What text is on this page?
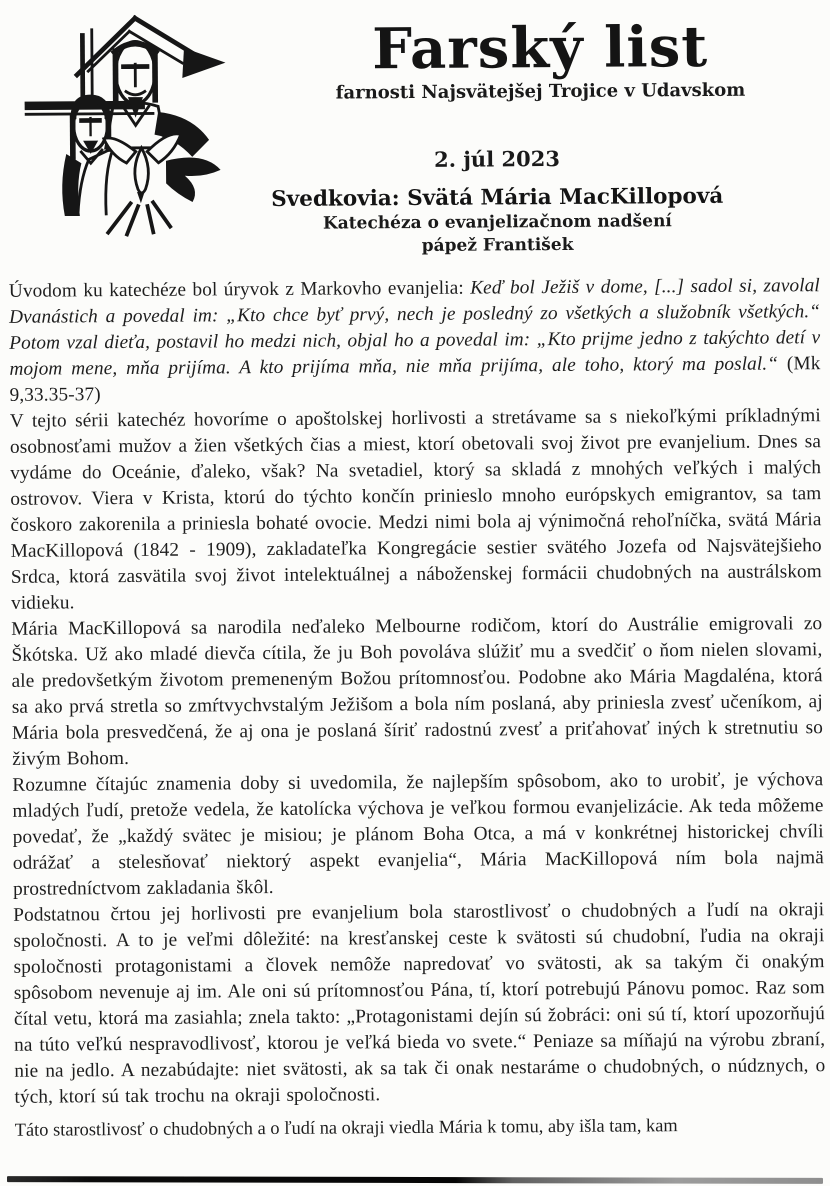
Farský list
farnosti Najsvätejšej Trojice v Udavskom
2. júl 2023
Svedkovia: Svätá Mária MacKillopová
Katechéza o evanjelizačnom nadšení
pápež František

Úvodom ku katechéze bol úryvok z Markovho evanjelia: Keď bol Ježiš v dome, [...] sadol si, zavolal Dvanástich a povedal im: „Kto chce byť prvý, nech je posledný zo všetkých a služobník všetkých.“ Potom vzal dieťa, postavil ho medzi nich, objal ho a povedal im: „Kto prijme jedno z takýchto detí v mojom mene, mňa prijíma. A kto prijíma mňa, nie mňa prijíma, ale toho, ktorý ma poslal.“ (Mk 9,33.35-37)

V tejto sérii katechéz hovoríme o apoštolskej horlivosti a stretávame sa s niekoľkými príkladnými osobnosťami mužov a žien všetkých čias a miest, ktorí obetovali svoj život pre evanjelium. Dnes sa vydáme do Oceánie, ďaleko, však? Na svetadiel, ktorý sa skladá z mnohých veľkých i malých ostrovov. Viera v Krista, ktorú do týchto končín prinieslo mnoho európskych emigrantov, sa tam čoskoro zakorenila a priniesla bohaté ovocie. Medzi nimi bola aj výnimočná rehoľníčka, svätá Mária MacKillopová (1842 - 1909), zakladateľka Kongregácie sestier svätého Jozefa od Najsvätejšieho Srdca, ktorá zasvätila svoj život intelektuálnej a náboženskej formácii chudobných na austrálskom vidieku.

Mária MacKillopová sa narodila neďaleko Melbourne rodičom, ktorí do Austrálie emigrovali zo Škótska. Už ako mladé dievča cítila, že ju Boh povoláva slúžiť mu a svedčiť o ňom nielen slovami, ale predovšetkým životom premeneným Božou prítomnosťou. Podobne ako Mária Magdaléna, ktorá sa ako prvá stretla so zmŕtvychvstalým Ježišom a bola ním poslaná, aby priniesla zvesť učeníkom, aj Mária bola presvedčená, že aj ona je poslaná šíriť radostnú zvesť a priťahovať iných k stretnutiu so živým Bohom.

Rozumne čítajúc znamenia doby si uvedomila, že najlepším spôsobom, ako to urobiť, je výchova mladých ľudí, pretože vedela, že katolícka výchova je veľkou formou evanjelizácie. Ak teda môžeme povedať, že „každý svätec je misiou; je plánom Boha Otca, a má v konkrétnej historickej chvíli odrážať a stelesňovať niektorý aspekt evanjelia“, Mária MacKillopová ním bola najmä prostredníctvom zakladania škôl.

Podstatnou črtou jej horlivosti pre evanjelium bola starostlivosť o chudobných a ľudí na okraji spoločnosti. A to je veľmi dôležité: na kresťanskej ceste k svätosti sú chudobní, ľudia na okraji spoločnosti protagonistami a človek nemôže napredovať vo svätosti, ak sa takým či onakým spôsobom nevenuje aj im. Ale oni sú prítomnosťou Pána, tí, ktorí potrebujú Pánovu pomoc. Raz som čítal vetu, ktorá ma zasiahla; znela takto: „Protagonistami dejín sú žobráci: oni sú tí, ktorí upozorňujú na túto veľkú nespravodlivosť, ktorou je veľká bieda vo svete.“ Peniaze sa míňajú na výrobu zbraní, nie na jedlo. A nezabúdajte: niet svätosti, ak sa tak či onak nestaráme o chudobných, o núdznych, o tých, ktorí sú tak trochu na okraji spoločnosti.

Táto starostlivosť o chudobných a o ľudí na okraji viedla Mária k tomu, aby išla tam, kam
